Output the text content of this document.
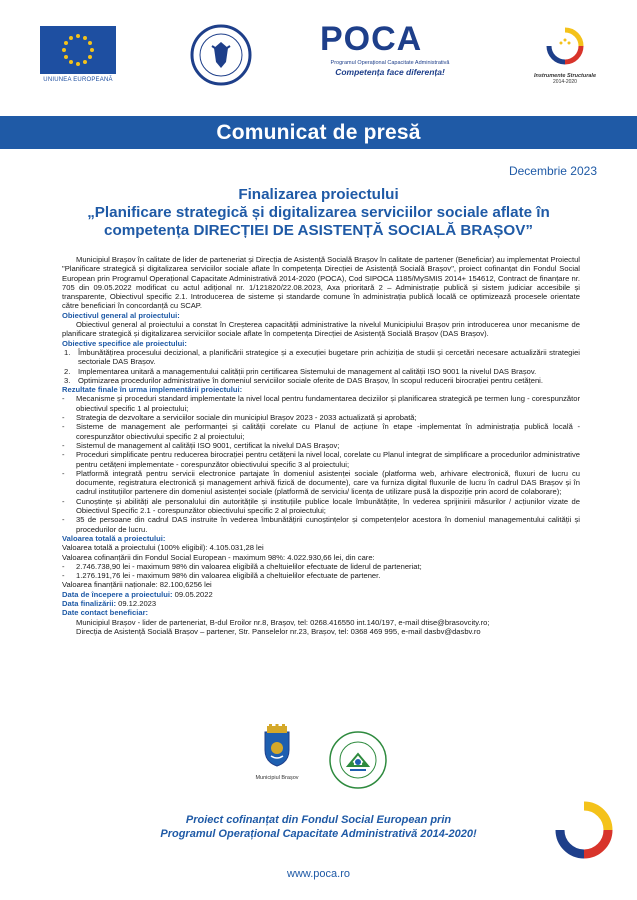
UNIUNEA EUROPEANĂ
POCA
Programul Operațional Capacitate Administrativă
Competența face diferența!	Instrumente Structurale
2014-2020
Comunicat de presă
Decembrie 2023
Finalizarea proiectului
„Planificare strategică și digitalizarea serviciilor sociale aflate în
competența DIRECȚIEI DE ASISTENȚĂ SOCIALĂ BRAȘOV”

Municipiul Brașov în calitate de lider de parteneriat și Direcția de Asistență Socială Brașov în calitate de partener (Beneficiar) au implementat Proiectul "Planificare strategică și digitalizarea serviciilor sociale aflate în competența Direcției de Asistență Socială Brașov", proiect cofinanțat din Fondul Social European prin Programul Operațional Capacitate Administrativă 2014-2020 (POCA), Cod SIPOCA 1185/MySMIS 2014+ 154612, Contract de finanțare nr. 705 din 09.05.2022 modificat cu actul adițional nr. 1/121820/22.08.2023, Axa prioritară 2 – Administrație publică și sistem judiciar accesibile și transparente, Obiectivul specific 2.1. Introducerea de sisteme și standarde comune în administrația publică locală ce optimizează procesele orientate către beneficiari în concordanță cu SCAP.

Obiectivul general al proiectului:

Obiectivul general al proiectului a constat în Creșterea capacității administrative la nivelul Municipiului Brașov prin introducerea unor mecanisme de planificare strategică și digitalizarea serviciilor sociale aflate în competența Direcției de Asistență Socială Brașov (DAS Brașov).

Obiective specifice ale proiectului:
1.	Îmbunătățirea procesului decizional, a planificării strategice și a execuției bugetare prin achiziția de studii și cercetări necesare actualizării strategiei sectoriale DAS Brașov.
2.	Implementarea unitară a managementului calității prin certificarea Sistemului de management al calității ISO 9001 la nivelul DAS Brașov.
3.	Optimizarea procedurilor administrative în domeniul serviciilor sociale oferite de DAS Brașov, în scopul reducerii birocrației pentru cetățeni.
Rezultate finale în urma implementării proiectului:
-	Mecanisme și proceduri standard implementate la nivel local pentru fundamentarea deciziilor și planificarea strategică pe termen lung - corespunzător obiectivul specific 1 al proiectului;
-	Strategia de dezvoltare a serviciilor sociale din municipiul Brașov 2023 - 2033 actualizată și aprobată;
-	Sisteme de management ale performanței și calității corelate cu Planul de acțiune în etape -implementat în administrația publică locală - corespunzător obiectivului specific 2 al proiectului;
-	Sistemul de management al calității ISO 9001, certificat la nivelul DAS Brașov;
-	Proceduri simplificate pentru reducerea birocrației pentru cetățeni la nivel local, corelate cu Planul integrat de simplificare a procedurilor administrative pentru cetățeni implementate - corespunzător obiectivului specific 3 al proiectului;
-	Platformă integrată pentru servicii electronice partajate în domeniul asistenței sociale (platforma web, arhivare electronică, fluxuri de lucru cu documente, registratura electronică și management arhivă fizică de documente), care va furniza digital fluxurile de lucru în cadrul DAS Brașov și în cadrul instituțiilor partenere din domeniul asistenței sociale (platformă de serviciu/ licența de utilizare pusă la dispoziție prin acord de colaborare);
-	Cunoștințe și abilități ale personalului din autoritățile și instituțiile publice locale îmbunătățite, în vederea sprijinirii măsurilor / acțiunilor vizate de Obiectivul Specific 2.1 - corespunzător obiectivului specific 2 al proiectului;
-	35 de persoane din cadrul DAS instruite în vederea îmbunătățirii cunoștințelor și competențelor acestora în domeniul managementului calității și procedurilor de lucru.
Valoarea totală a proiectului:
Valoarea totală a proiectului (100% eligibil): 4.105.031,28 lei
Valoarea cofinanțării din Fondul Social European - maximum 98%: 4.022.930,66 lei, din care:
-	2.746.738,90 lei - maximum 98% din valoarea eligibilă a cheltuielilor efectuate de liderul de parteneriat;
-	1.276.191,76 lei - maximum 98% din valoarea eligibilă a cheltuielilor efectuate de partener.
Valoarea finanțării naționale: 82.100,6256 lei
Data de începere a proiectului: 09.05.2022
Data finalizării: 09.12.2023
Date contact beneficiar:
Municipiul Brașov - lider de parteneriat, B-dul Eroilor nr.8, Brașov, tel: 0268.416550 int.140/197, e-mail dtise@brasovcity.ro;
Direcția de Asistență Socială Brașov – partener, Str. Panselelor nr.23, Brașov, tel: 0368 469 995, e-mail dasbv@dasbv.ro
Municipiul Brașov
Proiect cofinanțat din Fondul Social European prin
Programul Operațional Capacitate Administrativă 2014-2020!
www.poca.ro
